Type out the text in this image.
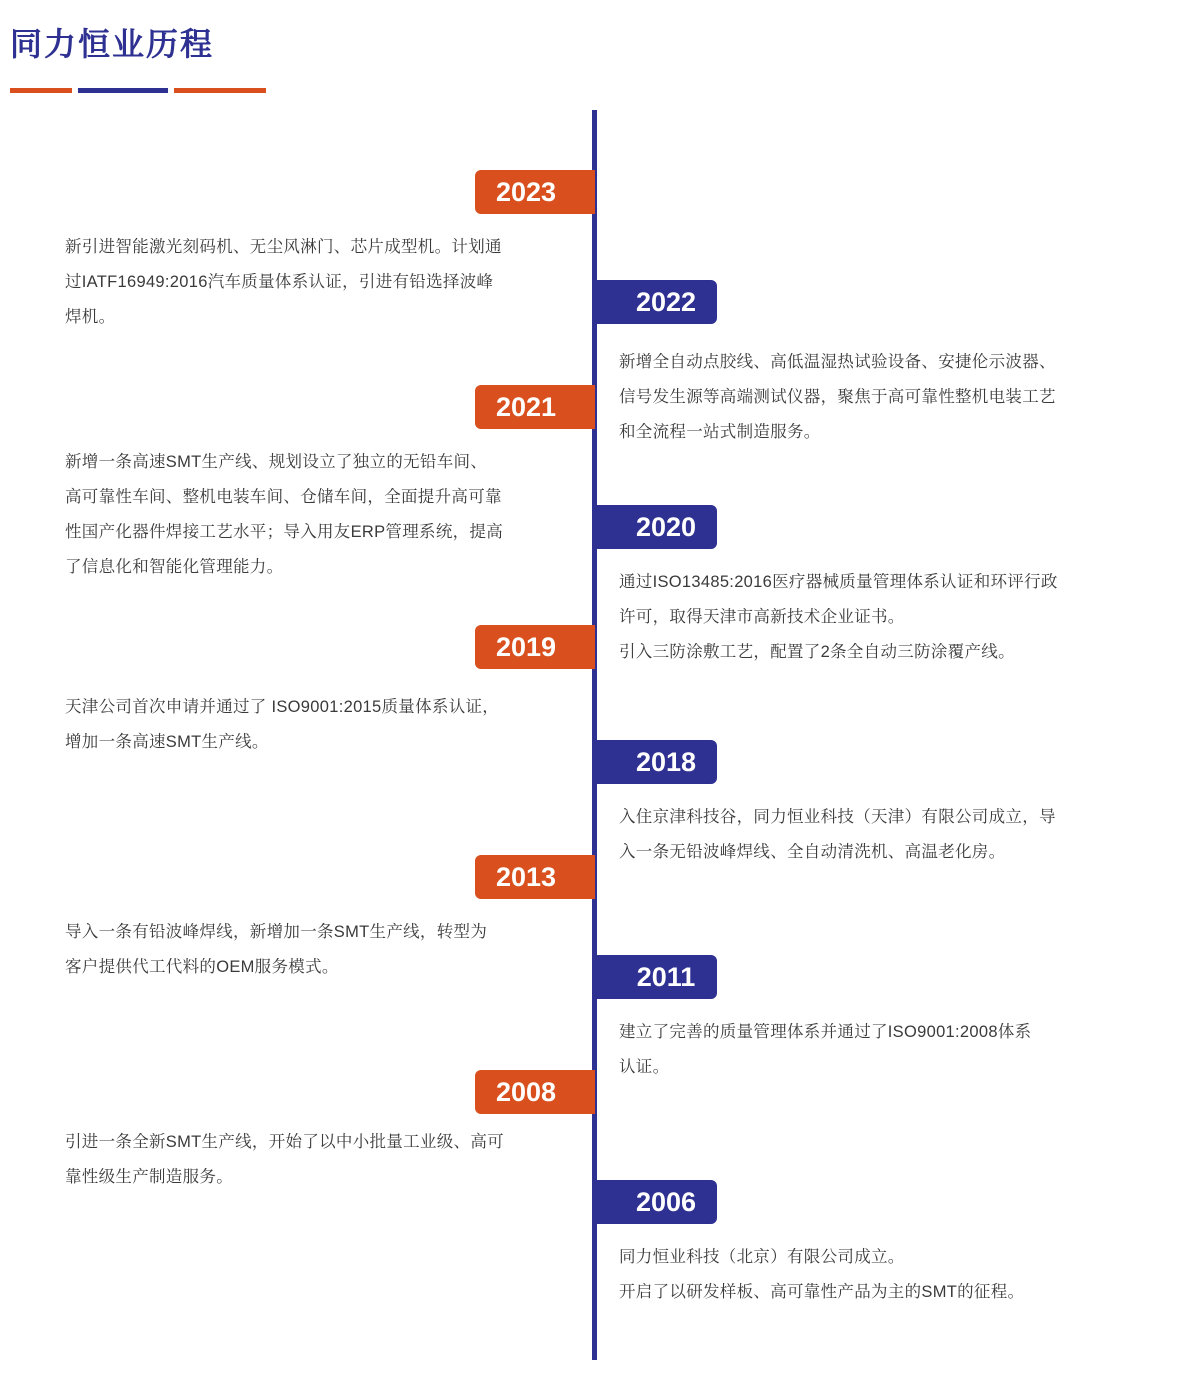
同力恒业历程
2023

新引进智能激光刻码机、无尘风淋门、芯片成型机。计划通

过IATF16949:2016汽车质量体系认证，引进有铅选择波峰

焊机。	2022

新增全自动点胶线、高低温湿热试验设备、安捷伦示波器、

信号发生源等高端测试仪器，聚焦于高可靠性整机电装工艺

和全流程一站式制造服务。

2021

新增一条高速SMT生产线、规划设立了独立的无铅车间、

高可靠性车间、整机电装车间、仓储车间，全面提升高可靠

性国产化器件焊接工艺水平；导入用友ERP管理系统，提高

了信息化和智能化管理能力。

2020

通过ISO13485:2016医疗器械质量管理体系认证和环评行政

许可，取得天津市高新技术企业证书。

引入三防涂敷工艺，配置了2条全自动三防涂覆产线。

2019

天津公司首次申请并通过了 ISO9001:2015质量体系认证，

增加一条高速SMT生产线。

2018

入住京津科技谷，同力恒业科技（天津）有限公司成立，导

入一条无铅波峰焊线、全自动清洗机、高温老化房。

2013

导入一条有铅波峰焊线，新增加一条SMT生产线，转型为

客户提供代工代料的OEM服务模式。	2011

建立了完善的质量管理体系并通过了ISO9001:2008体系

认证。

2008

引进一条全新SMT生产线，开始了以中小批量工业级、高可

靠性级生产制造服务。

2006

同力恒业科技（北京）有限公司成立。

开启了以研发样板、高可靠性产品为主的SMT的征程。
